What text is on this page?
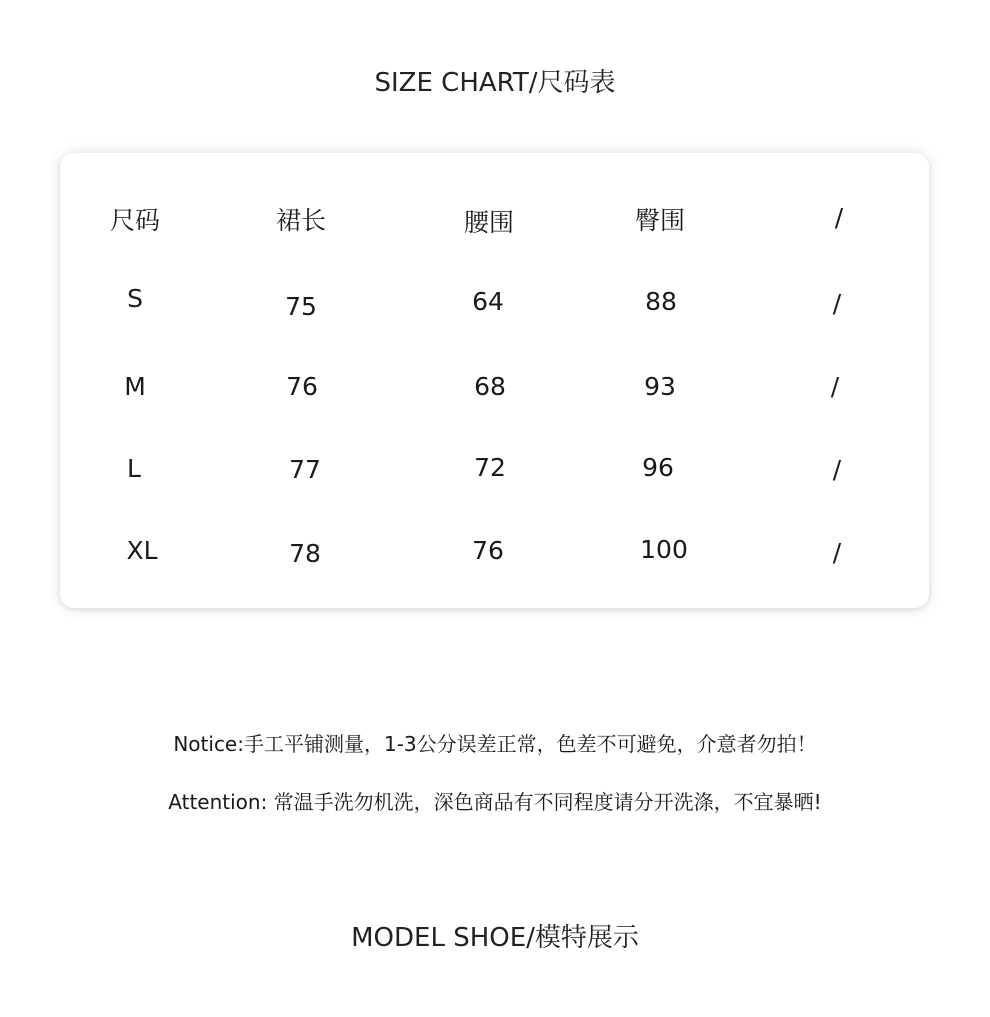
SIZE CHART/尺码表
尺码	裙长	腰围	臀围	/
S	75	64	88	/
M	76	68	93	/
L	77	72	96	/
XL	78	76	100	/
Notice:手工平铺测量，1-3公分误差正常，色差不可避免，介意者勿拍！
Attention: 常温手洗勿机洗，深色商品有不同程度请分开洗涤，不宜暴晒!
MODEL SHOE/模特展示
